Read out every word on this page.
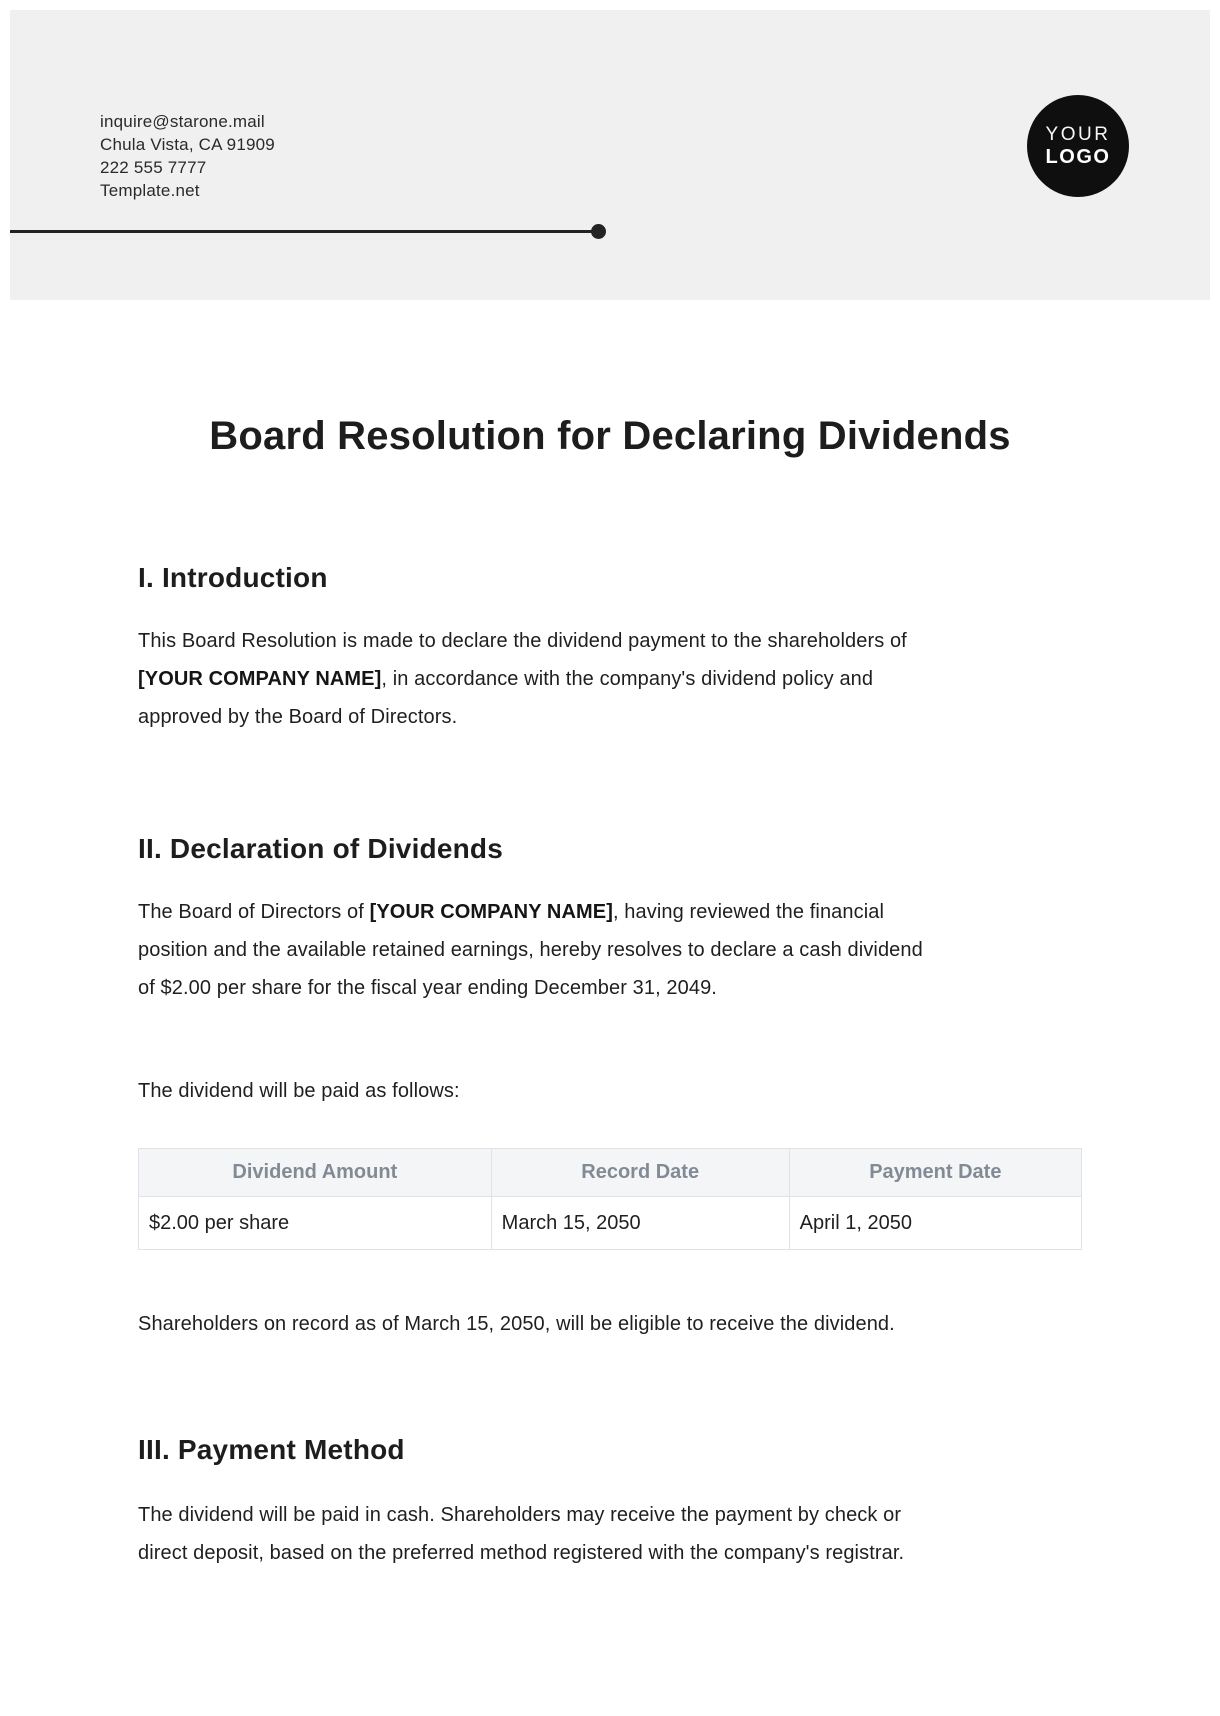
inquire@starone.mail
Chula Vista, CA 91909
222 555 7777
Template.net
YOUR
LOGO
Board Resolution for Declaring Dividends
I. Introduction
This Board Resolution is made to declare the dividend payment to the shareholders of
[YOUR COMPANY NAME], in accordance with the company's dividend policy and
approved by the Board of Directors.
II. Declaration of Dividends
The Board of Directors of [YOUR COMPANY NAME], having reviewed the financial
position and the available retained earnings, hereby resolves to declare a cash dividend
of $2.00 per share for the fiscal year ending December 31, 2049.
The dividend will be paid as follows:
Dividend Amount	Record Date	Payment Date
$2.00 per share	March 15, 2050	April 1, 2050
Shareholders on record as of March 15, 2050, will be eligible to receive the dividend.
III. Payment Method
The dividend will be paid in cash. Shareholders may receive the payment by check or
direct deposit, based on the preferred method registered with the company's registrar.
